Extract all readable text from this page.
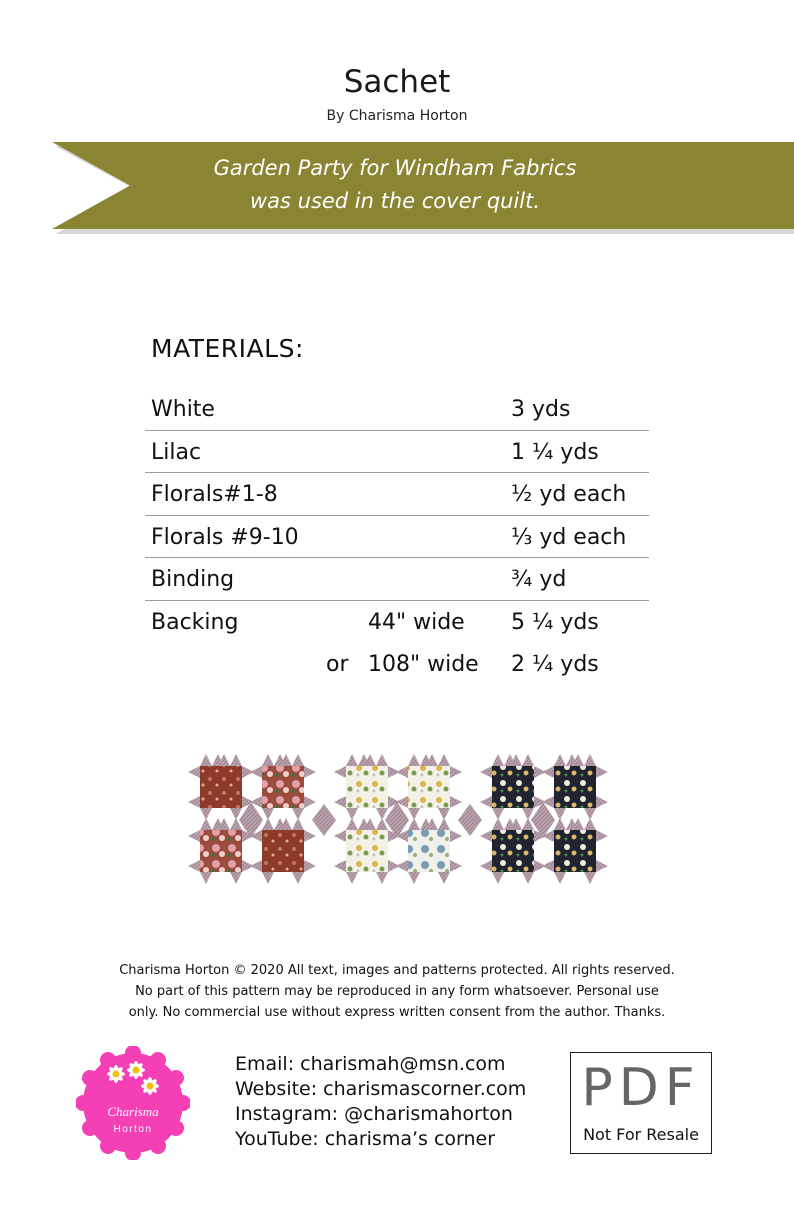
Sachet
By Charisma Horton
Garden Party for Windham Fabrics
was used in the cover quilt.
MATERIALS:
White	3 yds
Lilac	1 ¼ yds
Florals#1-8	½ yd each
Florals #9-10	⅓ yd each
Binding	¾ yd
Backing	44" wide 5 ¼ yds
or 108" wide 2 ¼ yds
Charisma Horton © 2020 All text, images and patterns protected. All rights reserved.
No part of this pattern may be reproduced in any form whatsoever. Personal use
only. No commercial use without express written consent from the author. Thanks.
Charisma
Horton
Email: charismah@msn.com
Website: charismascorner.com
Instagram: @charismahorton
YouTube: charisma’s corner
PDF
Not For Resale
